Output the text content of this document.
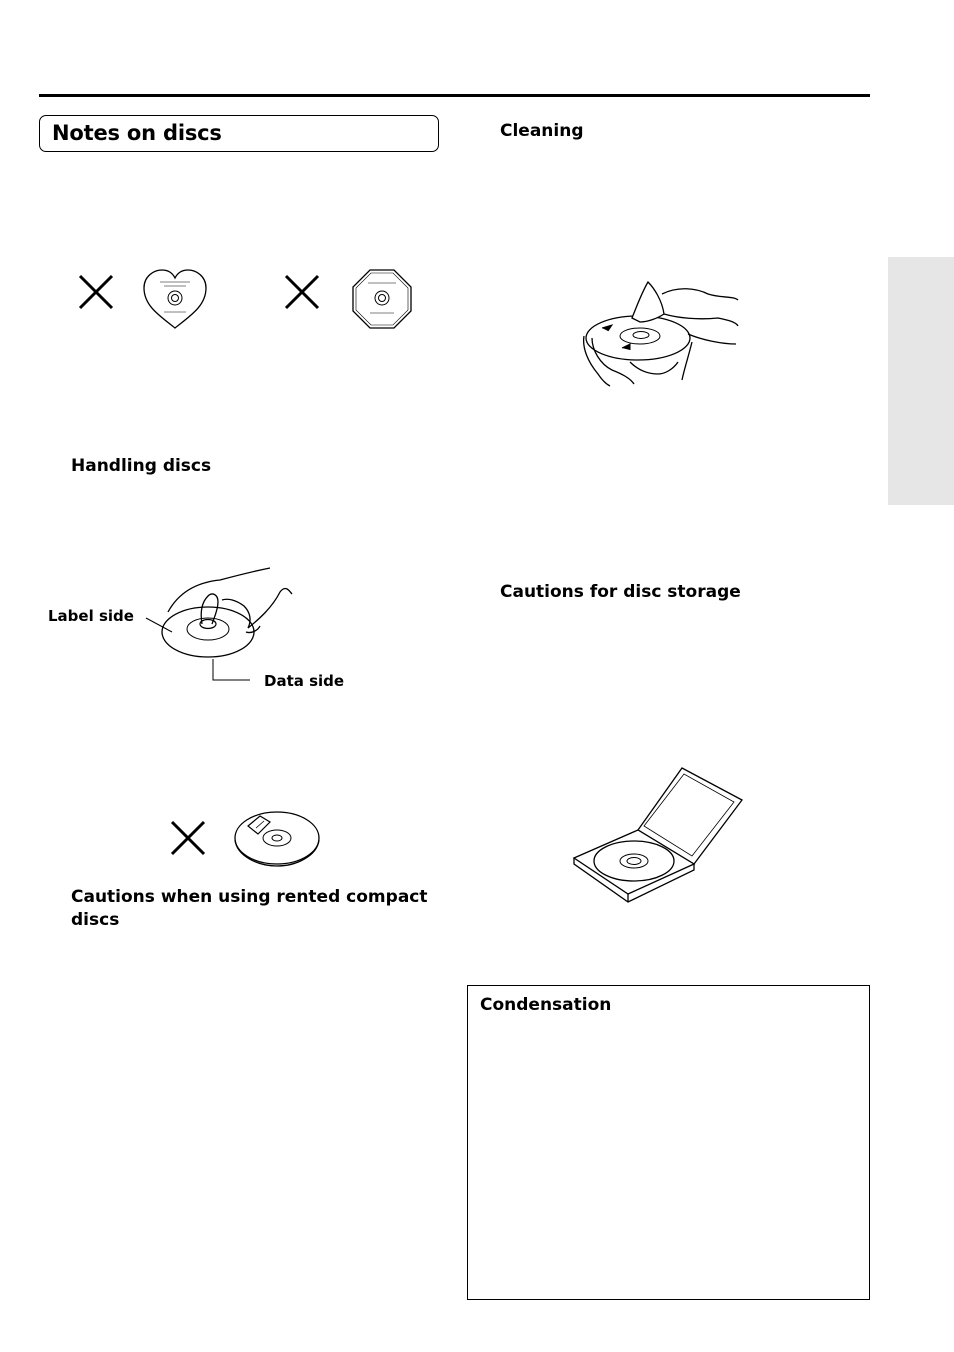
Notes on discs
Handling discs
Label side
Data side
Cautions when using rented compact discs
Cleaning
Cautions for disc storage
Condensation
